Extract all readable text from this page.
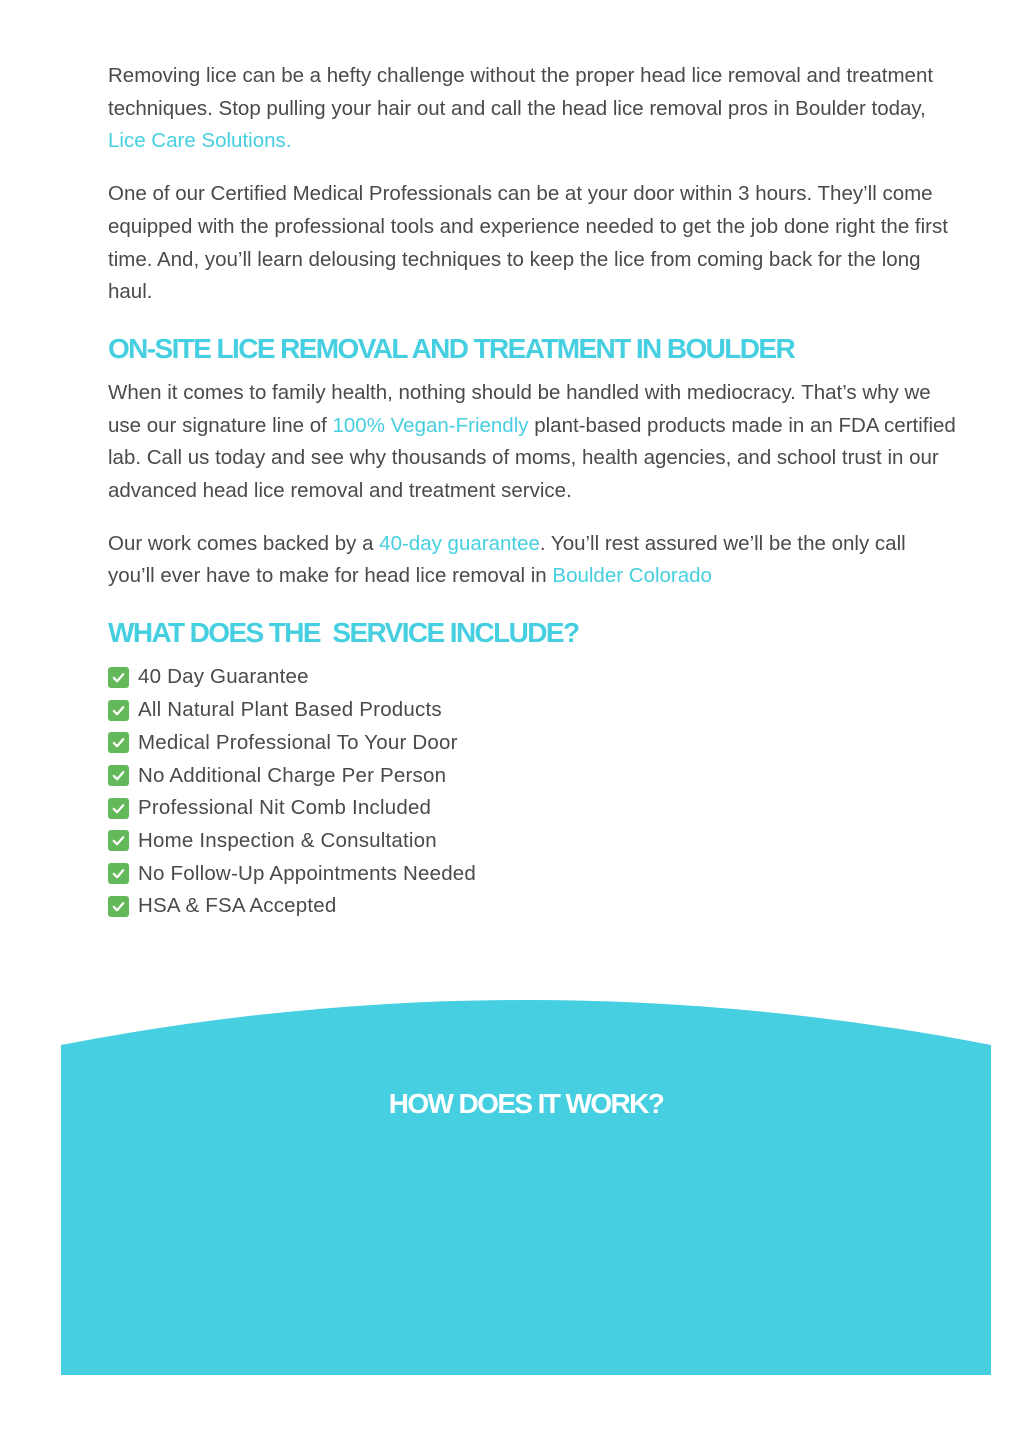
Removing lice can be a hefty challenge without the proper head lice removal and treatment techniques. Stop pulling your hair out and call the head lice removal pros in Boulder today, Lice Care Solutions.

One of our Certified Medical Professionals can be at your door within 3 hours. They’ll come equipped with the professional tools and experience needed to get the job done right the first time. And, you’ll learn delousing techniques to keep the lice from coming back for the long haul.

ON-SITE LICE REMOVAL AND TREATMENT IN BOULDER

When it comes to family health, nothing should be handled with mediocracy. That’s why we use our signature line of 100% Vegan-Friendly plant-based products made in an FDA certified lab. Call us today and see why thousands of moms, health agencies, and school trust in our advanced head lice removal and treatment service.

Our work comes backed by a 40-day guarantee. You’ll rest assured we’ll be the only call you’ll ever have to make for head lice removal in Boulder Colorado

WHAT DOES THE  SERVICE INCLUDE?
40 Day Guarantee
All Natural Plant Based Products
Medical Professional To Your Door
No Additional Charge Per Person
Professional Nit Comb Included
Home Inspection & Consultation
No Follow-Up Appointments Needed
HSA & FSA Accepted
HOW DOES IT WORK?
